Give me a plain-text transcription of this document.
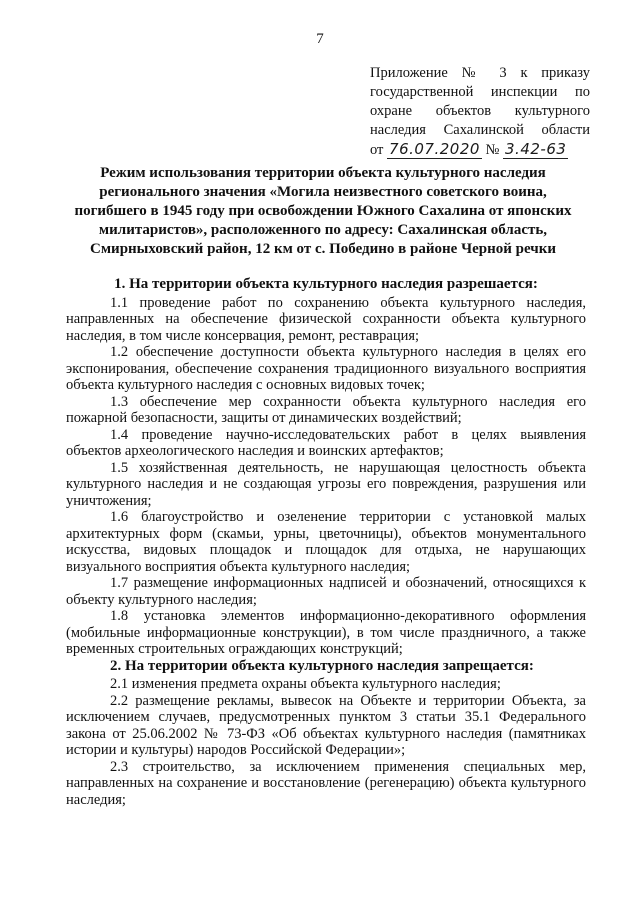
7
Приложение № 3 к приказу
государственной инспекции по
охране объектов культурного
наследия Сахалинской области
от 76.07.2020 № 3.42-63
Режим использования территории объекта культурного наследия
регионального значения «Могила неизвестного советского воина,
погибшего в 1945 году при освобождении Южного Сахалина от японских
милитаристов», расположенного по адресу: Сахалинская область,
Смирныховский район, 12 км от с. Победино в районе Черной речки

1. На территории объекта культурного наследия разрешается:

1.1 проведение работ по сохранению объекта культурного наследия, направленных на обеспечение физической сохранности объекта культурного наследия, в том числе консервация, ремонт, реставрация;

1.2 обеспечение доступности объекта культурного наследия в целях его экспонирования, обеспечение сохранения традиционного визуального восприятия объекта культурного наследия с основных видовых точек;

1.3 обеспечение мер сохранности объекта культурного наследия его пожарной безопасности, защиты от динамических воздействий;

1.4 проведение научно-исследовательских работ в целях выявления объектов археологического наследия и воинских артефактов;

1.5 хозяйственная деятельность, не нарушающая целостность объекта культурного наследия и не создающая угрозы его повреждения, разрушения или уничтожения;

1.6 благоустройство и озеленение территории с установкой малых архитектурных форм (скамьи, урны, цветочницы), объектов монументального искусства, видовых площадок и площадок для отдыха, не нарушающих визуального восприятия объекта культурного наследия;

1.7 размещение информационных надписей и обозначений, относящихся к объекту культурного наследия;

1.8 установка элементов информационно-декоративного оформления (мобильные информационные конструкции), в том числе праздничного, а также временных строительных ограждающих конструкций;

2. На территории объекта культурного наследия запрещается:

2.1 изменения предмета охраны объекта культурного наследия;

2.2 размещение рекламы, вывесок на Объекте и территории Объекта, за исключением случаев, предусмотренных пунктом 3 статьи 35.1 Федерального закона от 25.06.2002 № 73-ФЗ «Об объектах культурного наследия (памятниках истории и культуры) народов Российской Федерации»;

2.3 строительство, за исключением применения специальных мер, направленных на сохранение и восстановление (регенерацию) объекта культурного наследия;
